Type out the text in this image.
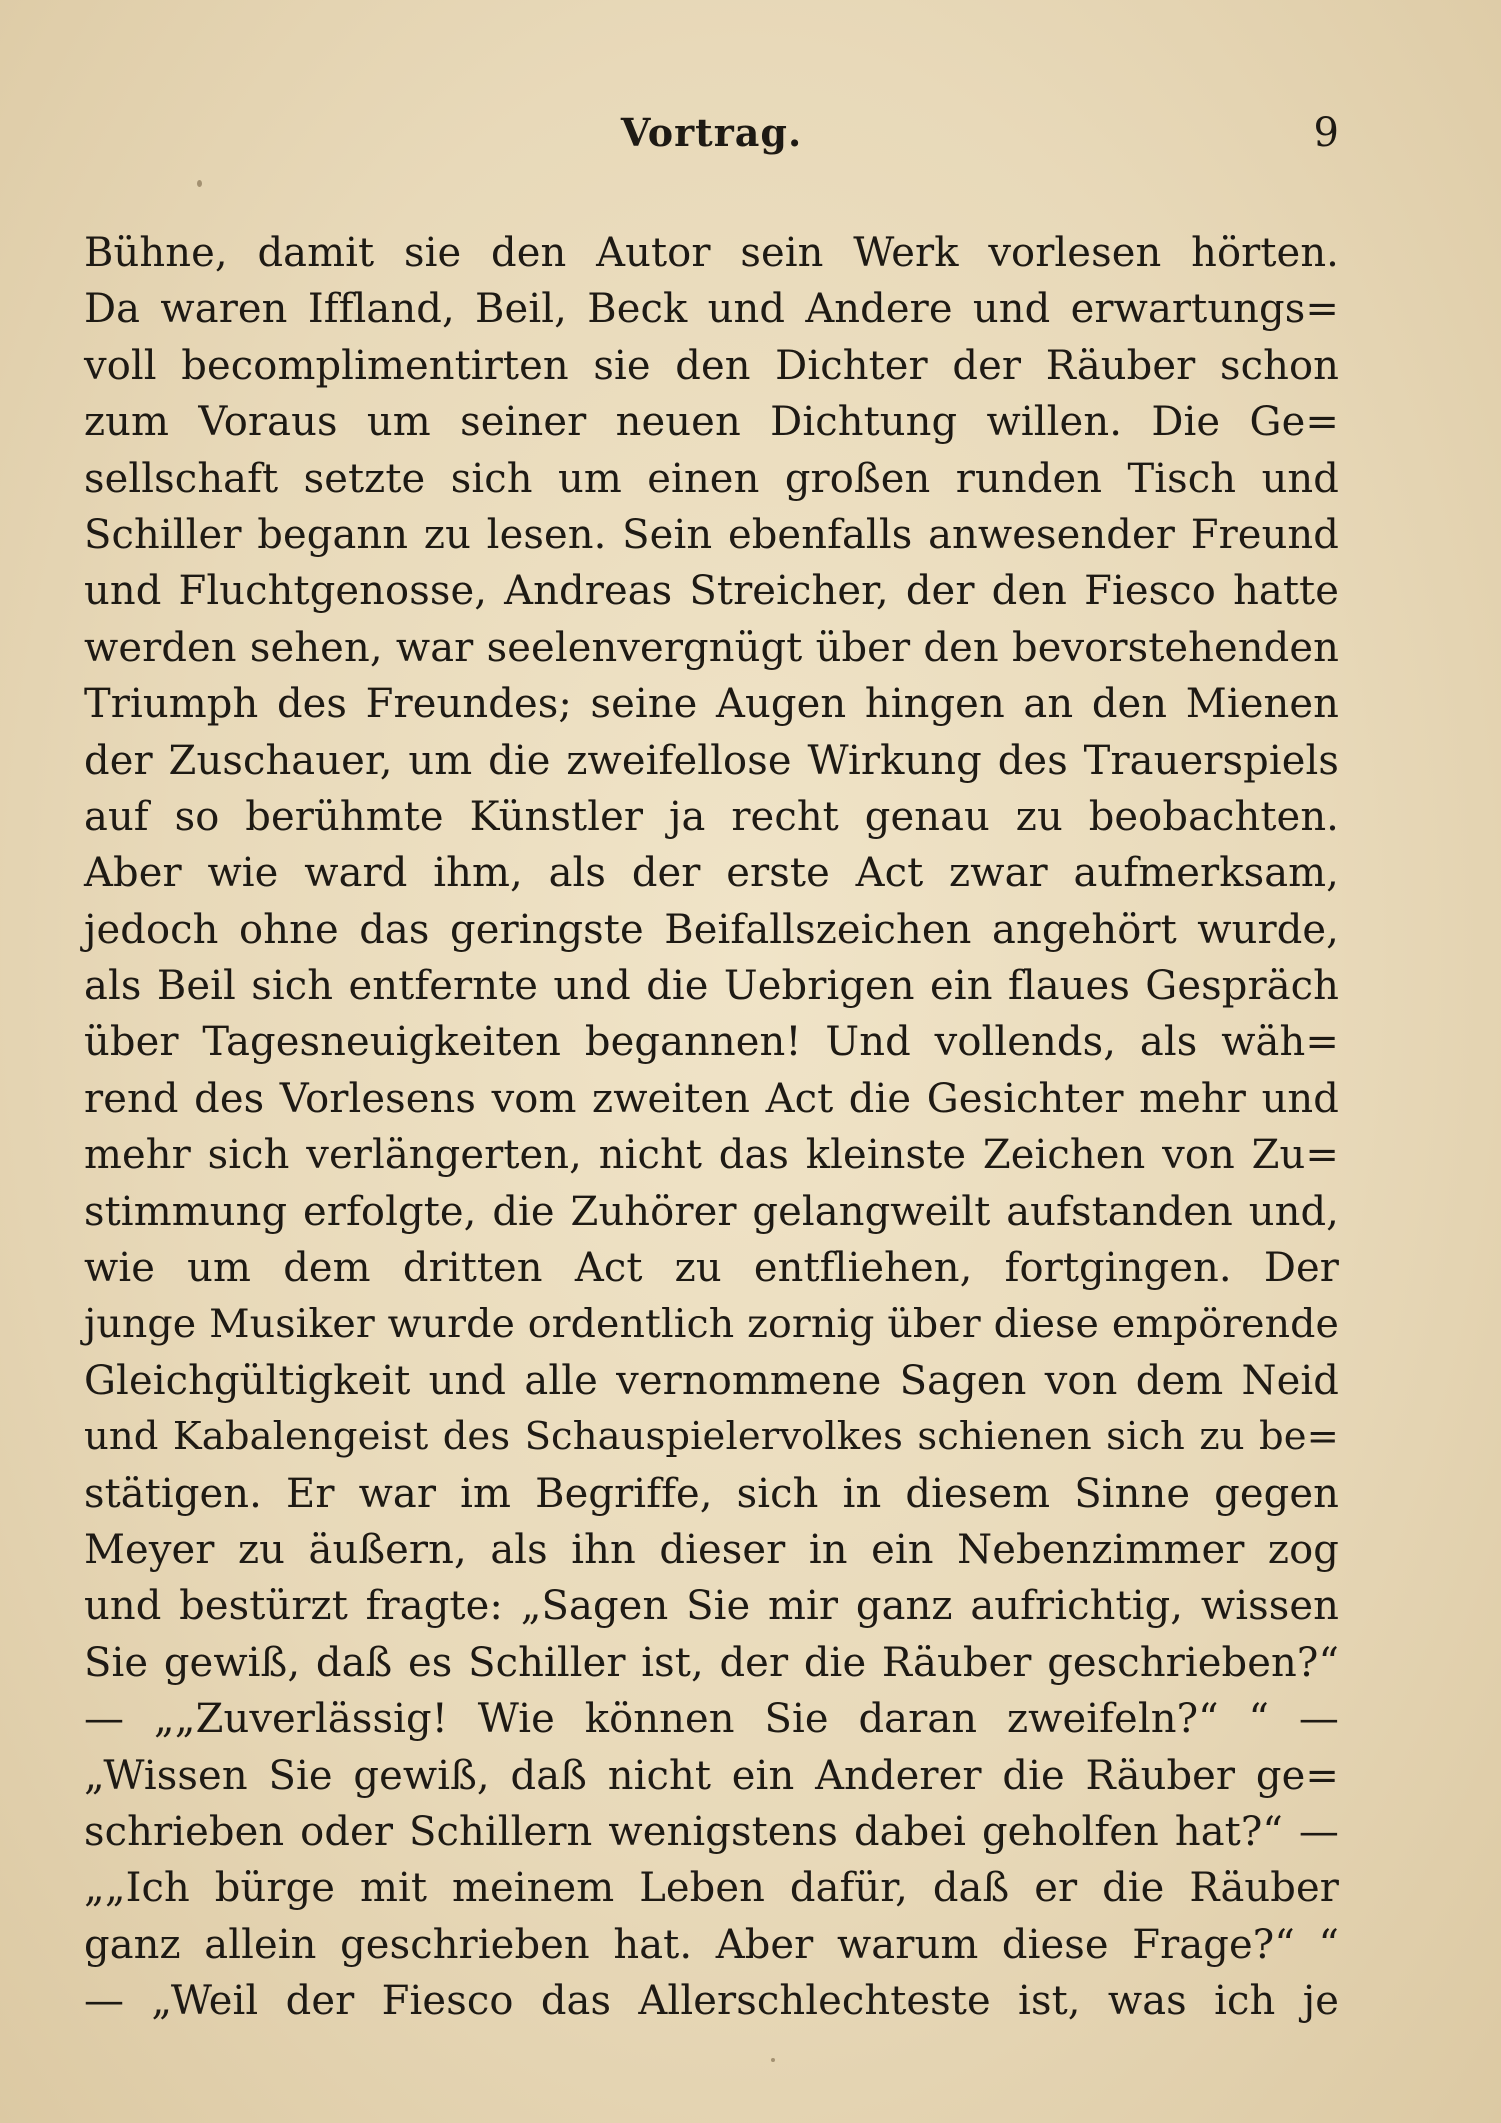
Vortrag.	9
Bühne, damit sie den Autor sein Werk vorlesen hörten.
Da waren Iffland, Beil, Beck und Andere und erwartungs=
voll becomplimentirten sie den Dichter der Räuber schon
zum Voraus um seiner neuen Dichtung willen. Die Ge=
sellschaft setzte sich um einen großen runden Tisch und
Schiller begann zu lesen. Sein ebenfalls anwesender Freund
und Fluchtgenosse, Andreas Streicher, der den Fiesco hatte
werden sehen, war seelenvergnügt über den bevorstehenden
Triumph des Freundes; seine Augen hingen an den Mienen
der Zuschauer, um die zweifellose Wirkung des Trauerspiels
auf so berühmte Künstler ja recht genau zu beobachten.
Aber wie ward ihm, als der erste Act zwar aufmerksam,
jedoch ohne das geringste Beifallszeichen angehört wurde,
als Beil sich entfernte und die Uebrigen ein flaues Gespräch
über Tagesneuigkeiten begannen! Und vollends, als wäh=
rend des Vorlesens vom zweiten Act die Gesichter mehr und
mehr sich verlängerten, nicht das kleinste Zeichen von Zu=
stimmung erfolgte, die Zuhörer gelangweilt aufstanden und,
wie um dem dritten Act zu entfliehen, fortgingen. Der
junge Musiker wurde ordentlich zornig über diese empörende
Gleichgültigkeit und alle vernommene Sagen von dem Neid
und Kabalengeist des Schauspielervolkes schienen sich zu be=
stätigen. Er war im Begriffe, sich in diesem Sinne gegen
Meyer zu äußern, als ihn dieser in ein Nebenzimmer zog
und bestürzt fragte: „Sagen Sie mir ganz aufrichtig, wissen
Sie gewiß, daß es Schiller ist, der die Räuber geschrieben?“
— „„Zuverlässig! Wie können Sie daran zweifeln?“ “ —
„Wissen Sie gewiß, daß nicht ein Anderer die Räuber ge=
schrieben oder Schillern wenigstens dabei geholfen hat?“ —
„„Ich bürge mit meinem Leben dafür, daß er die Räuber
ganz allein geschrieben hat. Aber warum diese Frage?“ “
— „Weil der Fiesco das Allerschlechteste ist, was ich je
